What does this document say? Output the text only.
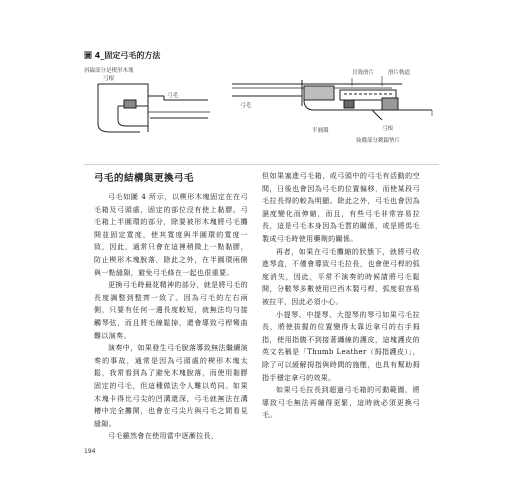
圖 4_固定弓毛的方法
斜線部分是楔形木塊
弓根
弓毛
貝殼滑片	滑片軌道
弓毛
半圓環	弓根
仙儂部分鍍銀墊片
弓毛的結構與更換弓毛

弓毛如圖 4 所示，以楔形木塊固定在在弓毛箱及弓頭處，固定的部位沒有使上黏膠。弓毛箱上半圓環的部分，除要被形木塊將弓毛攤開並固定寬度，使其寬度與半圓環的寬度一致，因此，通常只會在這裡稍微上一點黏膠，防止楔形木塊脫落，除此之外，在半圓環兩側與一點縫隙，避免弓毛條在一起也很重要。

更換弓毛時最花精神的部分，就是將弓毛的長度調整到整齊一致了。因為弓毛的左右兩側，只要有任何一邊長度較短，就無法均勻接觸琴弦，而且將毛線鬆掉，還會導致弓桿彎曲難以演奏。

演奏中，如果發生弓毛脫落導致無法繼續演奏的事故，通常是因為弓頭處的楔形木塊太鬆，我常看到為了避免木塊脫落，而使用黏膠固定的弓毛，但這種做法令人難以苟同。如果木塊卡得比弓尖的凹溝還深，弓毛就無法在溝槽中完全攤開，也會在弓尖片與弓毛之間看見縫隙。

弓毛雖然會在使用當中逐漸拉長，

但如果塞進弓毛箱，或弓頭中的弓毛有活動的空間，日後也會因為弓毛的位置偏移，而使某段弓毛拉長得的較為明顯。除此之外，弓毛也會因為濕度變化而伸縮，而且，有些弓毛非常容易拉長，這是弓毛本身因為毛質的關係，或是將馬毛製成弓毛時使用藥劑的關係。

再者，如果在弓毛攤縮的狀態下，就將弓收進琴盒，不僅會導致弓毛拉長，也會使弓桿的弧度消失，因此，平常不演奏的時候請將弓毛鬆開，分數琴多數使用巴西木製弓桿，弧度很容易被拉平，因此必須小心。

小提琴、中提琴、大提琴的琴弓如果弓毛拉長，將使拔握的位置變得太靠近拿弓的右手拇指，使用指腹不到接著纏線的護皮，這塊護皮的英文名稱是「Thumb Leather（拇指護皮）」，除了可以緩解拇指與時間的施壓，也具有幫助拇指手穩定拿弓的效果。

如果弓毛拉長到超過弓毛箱的可動範圍，將導致弓毛無法再繃得更緊，這時就必須更換弓毛。

194
